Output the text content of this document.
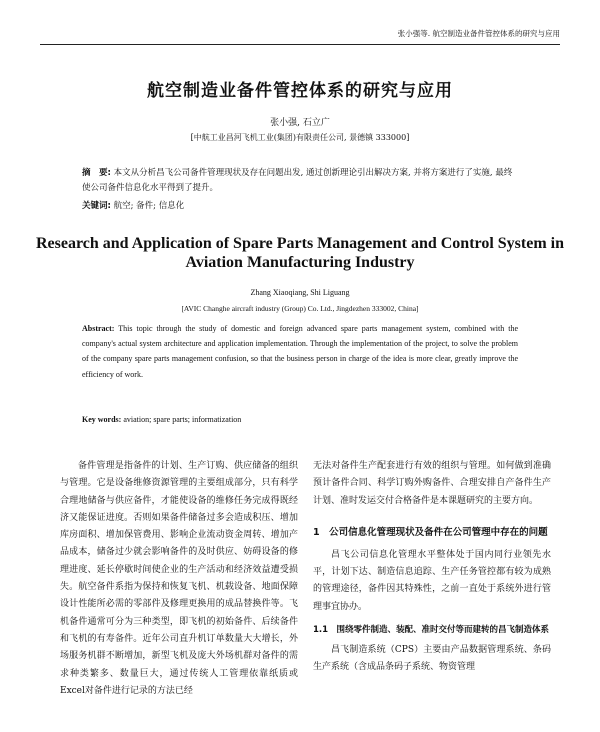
张小强等. 航空制造业备件管控体系的研究与应用
航空制造业备件管控体系的研究与应用
张小强, 石立广
[中航工业昌河飞机工业(集团)有限责任公司, 景德镇 333000]
摘　要: 本文从分析昌飞公司备件管理现状及存在问题出发, 通过创新理论引出解决方案, 并将方案进行了实施, 最终使公司备件信息化水平得到了提升。
关键词: 航空; 备件; 信息化
Research and Application of Spare Parts Management and Control System in Aviation Manufacturing Industry
Zhang Xiaoqiang, Shi Liguang
[AVIC Changhe aircraft industry (Group) Co. Ltd., Jingdezhen 333002, China]
Abstract: This topic through the study of domestic and foreign advanced spare parts management system, combined with the company's actual system architecture and application implementation. Through the implementation of the project, to solve the problem of the company spare parts management confusion, so that the business person in charge of the idea is more clear, greatly improve the efficiency of work.
Key words: aviation; spare parts; informatization

备件管理是指备件的计划、生产订购、供应储备的组织与管理。它是设备维修资源管理的主要组成部分，只有科学合理地储备与供应备件，才能使设备的维修任务完成得既经济又能保证进度。否则如果备件储备过多会造成积压、增加库房面积、增加保管费用、影响企业流动资金周转、增加产品成本，储备过少就会影响备件的及时供应、妨碍设备的修理进度、延长停歇时间使企业的生产活动和经济效益遭受损失。航空备件系指为保持和恢复飞机、机载设备、地面保障设计性能所必需的零部件及修理更换用的成品替换件等。飞机备件通常可分为三种类型，即飞机的初始备件、后续备件和飞机的有寿备件。近年公司直升机订单数量大大增长，外场服务机群不断增加，新型飞机及庞大外场机群对备件的需求种类繁多、数量巨大，通过传统人工管理依靠纸质或Excel对备件进行记录的方法已经

无法对备件生产配套进行有效的组织与管理。如何做到准确预计备件合同、科学订购外购备件、合理安排自产备件生产计划、准时发运交付合格备件是本课题研究的主要方向。

1　公司信息化管理现状及备件在公司管理中存在的问题

昌飞公司信息化管理水平整体处于国内同行业领先水平，计划下达、制造信息追踪、生产任务管控都有较为成熟的管理途径，备件因其特殊性，之前一直处于系统外进行管理事宜协办。

1.1　围绕零件制造、装配、准时交付等而建转的昌飞制造体系

昌飞制造系统（CPS）主要由产品数据管理系统、条码生产系统（含成品条码子系统、物资管理
